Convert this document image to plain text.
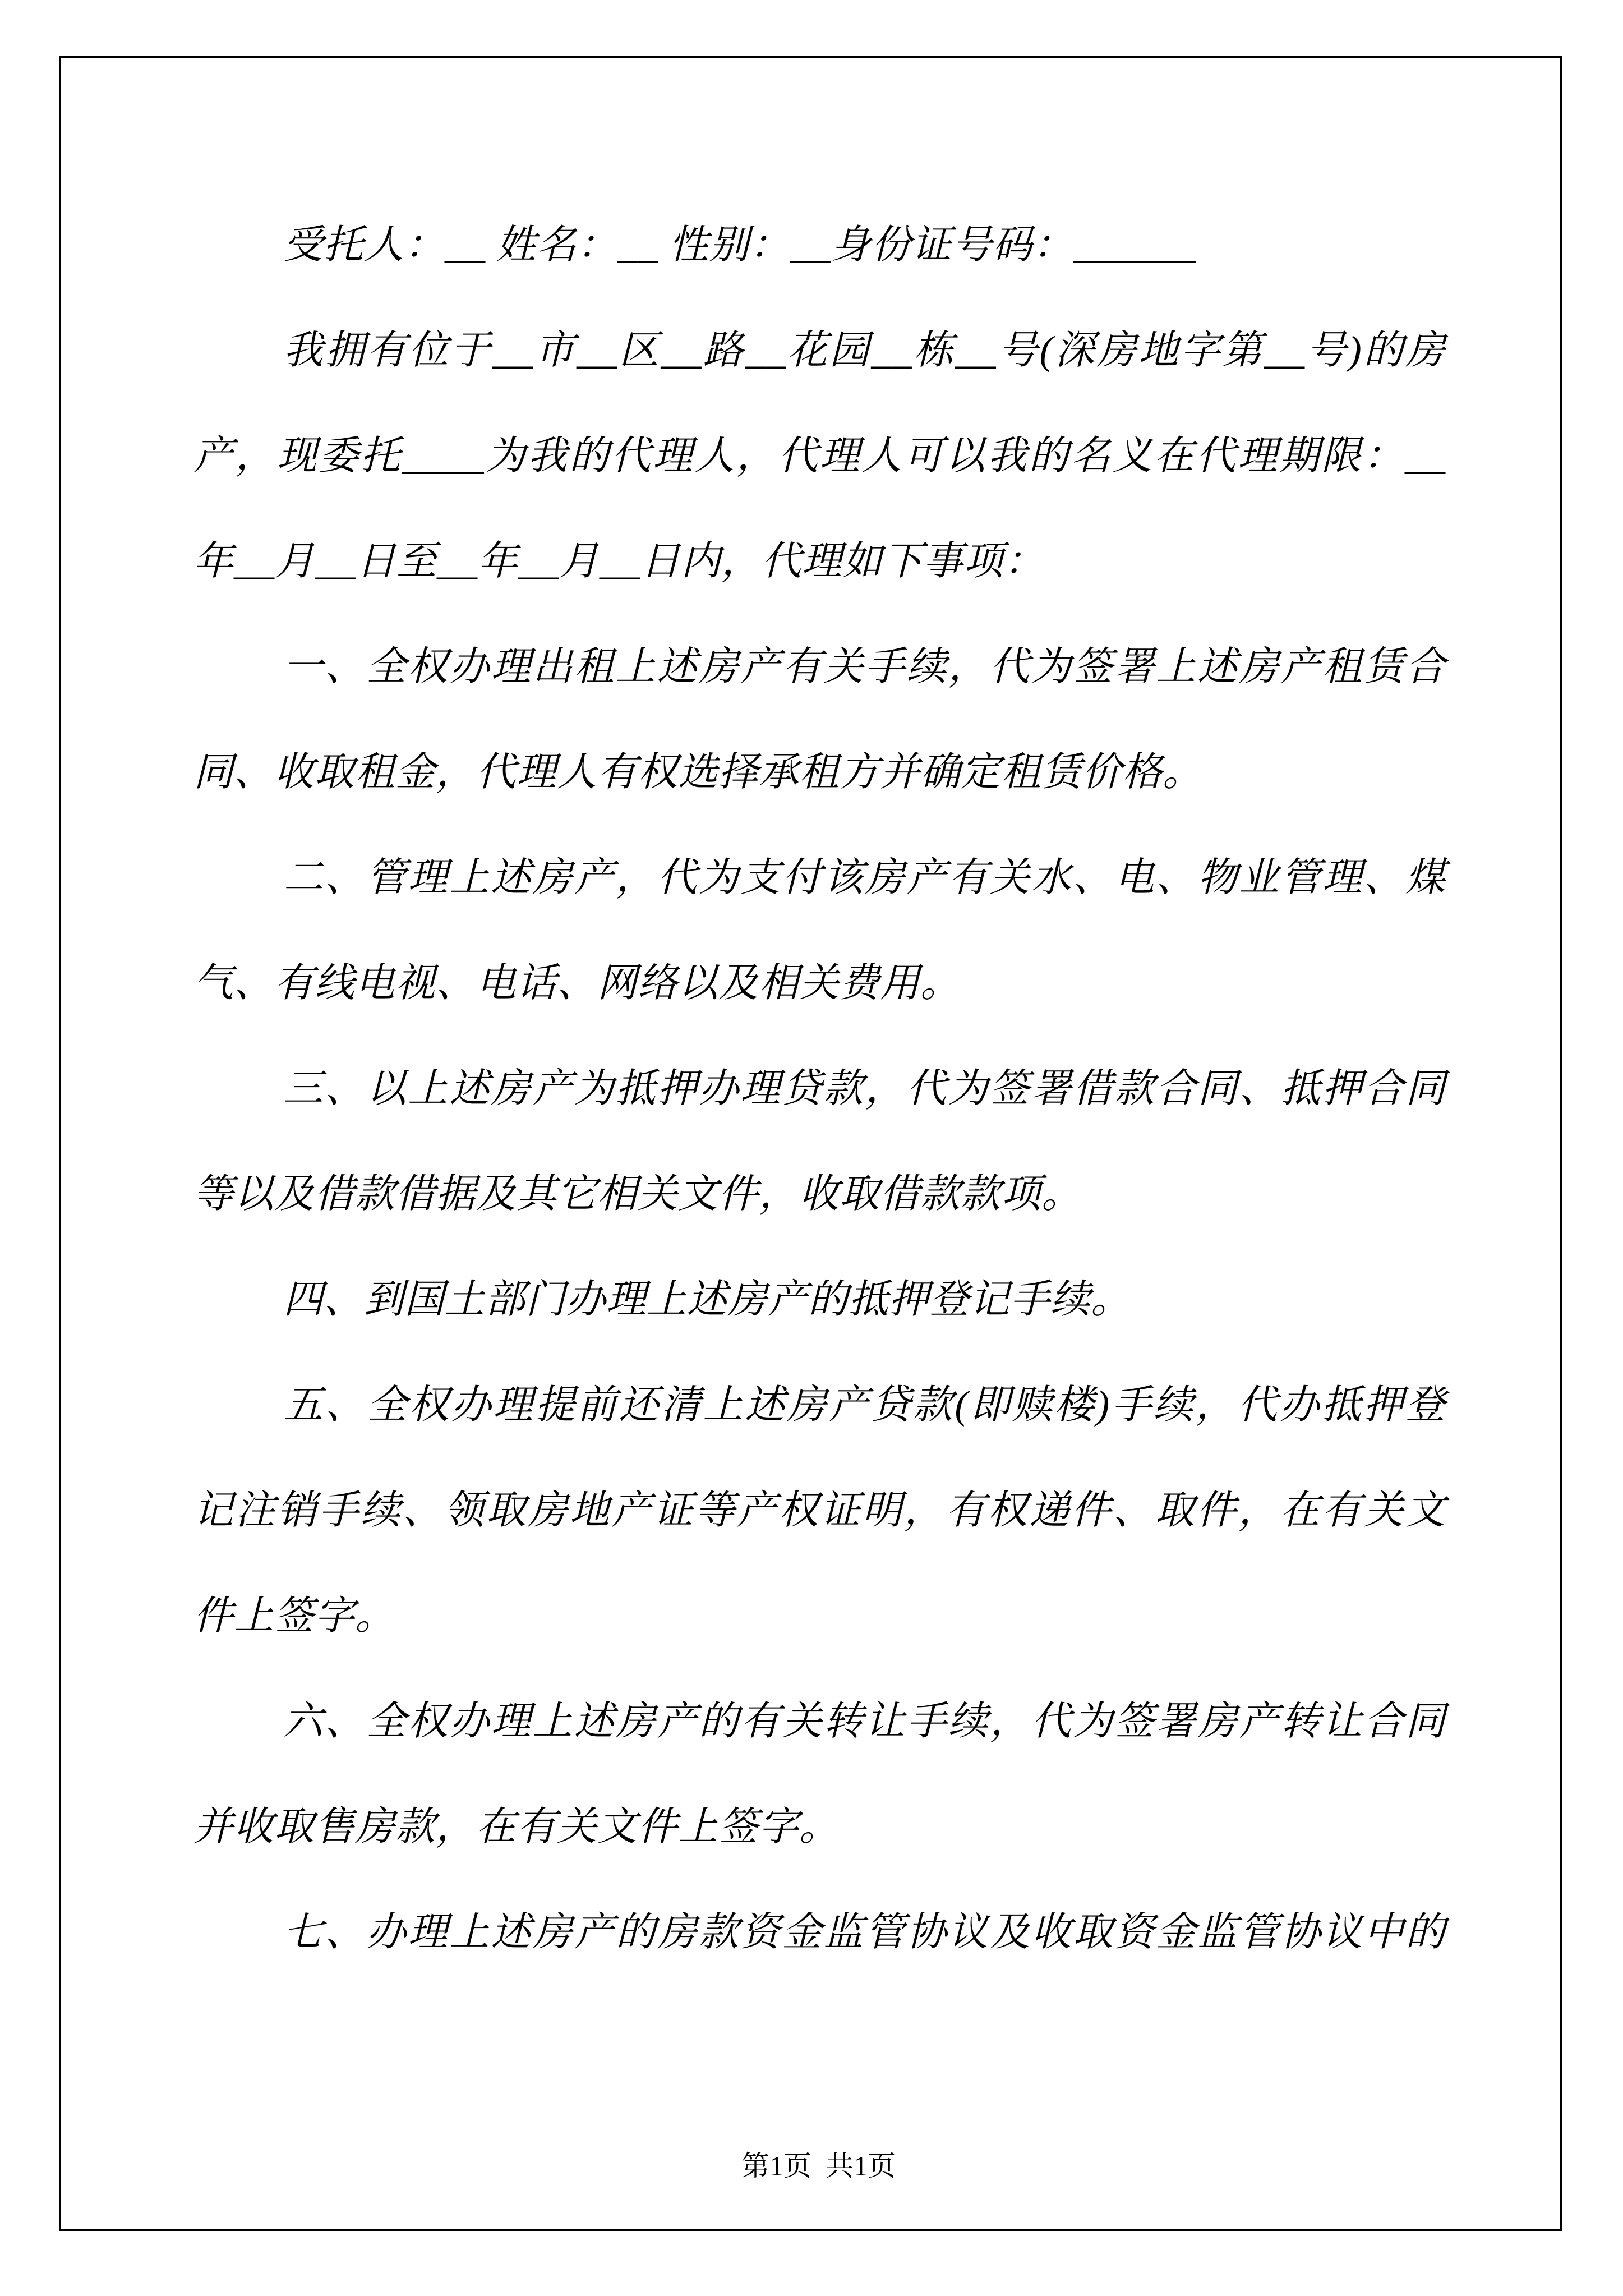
受托人：__ 姓名：__ 性别：__身份证号码：______
我拥有位于__市__区__路__花园__栋__号(深房地字第__号)的房
产，现委托____为我的代理人，代理人可以我的名义在代理期限：__
年__月__日至__年__月__日内，代理如下事项：
一、全权办理出租上述房产有关手续，代为签署上述房产租赁合
同、收取租金，代理人有权选择承租方并确定租赁价格。
二、管理上述房产，代为支付该房产有关水、电、物业管理、煤
气、有线电视、电话、网络以及相关费用。
三、以上述房产为抵押办理贷款，代为签署借款合同、抵押合同
等以及借款借据及其它相关文件，收取借款款项。
四、到国土部门办理上述房产的抵押登记手续。
五、全权办理提前还清上述房产贷款(即赎楼)手续，代办抵押登
记注销手续、领取房地产证等产权证明，有权递件、取件，在有关文
件上签字。
六、全权办理上述房产的有关转让手续，代为签署房产转让合同
并收取售房款，在有关文件上签字。
七、办理上述房产的房款资金监管协议及收取资金监管协议中的

第1页  共1页
